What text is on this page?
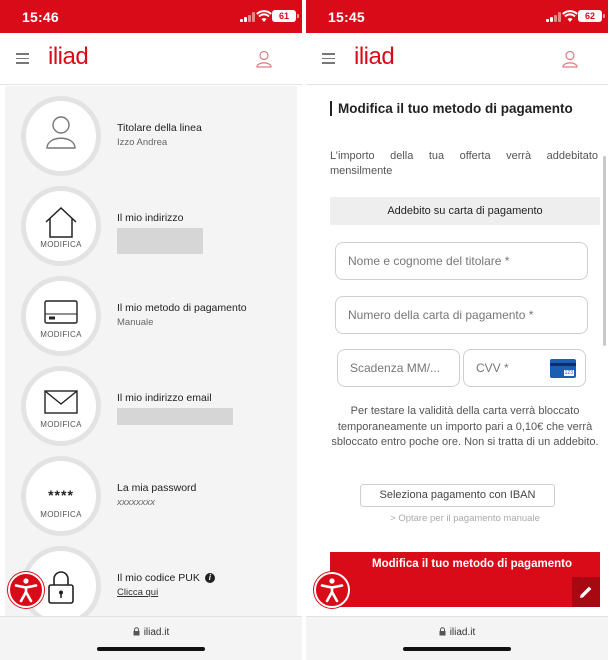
15:46	61
iliad
Titolare della linea
Izzo Andrea
MODIFICA
Il mio indirizzo
MODIFICA
Il mio metodo di pagamento
Manuale
MODIFICA
Il mio indirizzo email
****
MODIFICA
La mia password
xxxxxxxx
Il mio codice PUK i
Clicca qui
iliad.it
15:45	62
iliad
Modifica il tuo metodo di pagamento
L’importo della tua offerta verrà addebitato mensilmente
Addebito su carta di pagamento
Nome e cognome del titolare *
Numero della carta di pagamento *
Scadenza MM/...
CVV *
123
Per testare la validità della carta verrà bloccato temporaneamente un importo pari a 0,10€ che verrà sbloccato entro poche ore. Non si tratta di un addebito.
Seleziona pagamento con IBAN
> Optare per il pagamento manuale
Modifica il tuo metodo di pagamento
iliad.it
